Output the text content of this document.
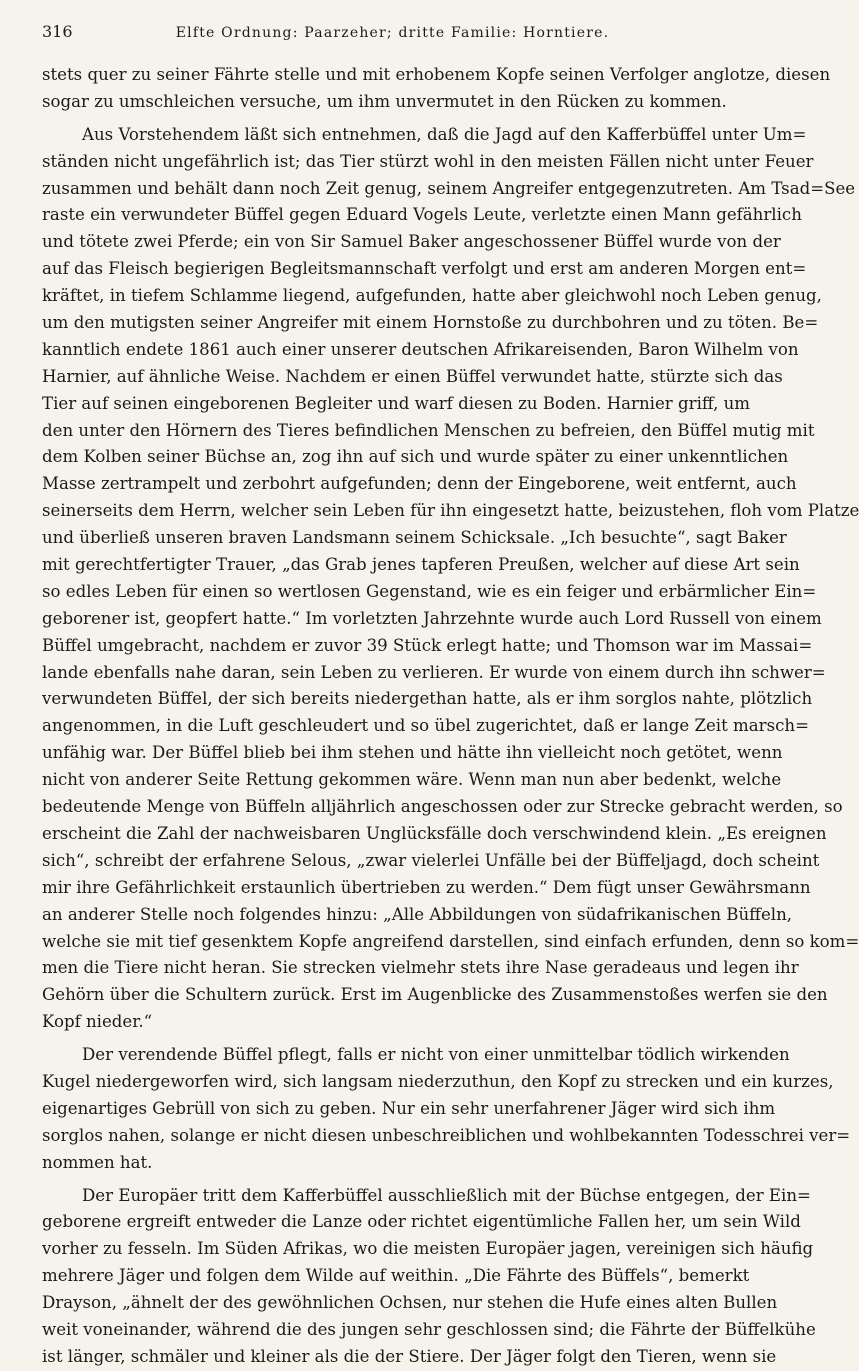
316	Elfte Ordnung: Paarzeher; dritte Familie: Horntiere.
stets quer zu seiner Fährte stelle und mit erhobenem Kopfe seinen Verfolger anglotze, diesen
sogar zu umschleichen versuche, um ihm unvermutet in den Rücken zu kommen.
Aus Vorstehendem läßt sich entnehmen, daß die Jagd auf den Kafferbüffel unter Um=
ständen nicht ungefährlich ist; das Tier stürzt wohl in den meisten Fällen nicht unter Feuer
zusammen und behält dann noch Zeit genug, seinem Angreifer entgegenzutreten. Am Tsad=See
raste ein verwundeter Büffel gegen Eduard Vogels Leute, verletzte einen Mann gefährlich
und tötete zwei Pferde; ein von Sir Samuel Baker angeschossener Büffel wurde von der
auf das Fleisch begierigen Begleitsmannschaft verfolgt und erst am anderen Morgen ent=
kräftet, in tiefem Schlamme liegend, aufgefunden, hatte aber gleichwohl noch Leben genug,
um den mutigsten seiner Angreifer mit einem Hornstoße zu durchbohren und zu töten. Be=
kanntlich endete 1861 auch einer unserer deutschen Afrikareisenden, Baron Wilhelm von
Harnier, auf ähnliche Weise. Nachdem er einen Büffel verwundet hatte, stürzte sich das
Tier auf seinen eingeborenen Begleiter und warf diesen zu Boden. Harnier griff, um
den unter den Hörnern des Tieres befindlichen Menschen zu befreien, den Büffel mutig mit
dem Kolben seiner Büchse an, zog ihn auf sich und wurde später zu einer unkenntlichen
Masse zertrampelt und zerbohrt aufgefunden; denn der Eingeborene, weit entfernt, auch
seinerseits dem Herrn, welcher sein Leben für ihn eingesetzt hatte, beizustehen, floh vom Platze
und überließ unseren braven Landsmann seinem Schicksale. „Ich besuchte“, sagt Baker
mit gerechtfertigter Trauer, „das Grab jenes tapferen Preußen, welcher auf diese Art sein
so edles Leben für einen so wertlosen Gegenstand, wie es ein feiger und erbärmlicher Ein=
geborener ist, geopfert hatte.“ Im vorletzten Jahrzehnte wurde auch Lord Russell von einem
Büffel umgebracht, nachdem er zuvor 39 Stück erlegt hatte; und Thomson war im Massai=
lande ebenfalls nahe daran, sein Leben zu verlieren. Er wurde von einem durch ihn schwer=
verwundeten Büffel, der sich bereits niedergethan hatte, als er ihm sorglos nahte, plötzlich
angenommen, in die Luft geschleudert und so übel zugerichtet, daß er lange Zeit marsch=
unfähig war. Der Büffel blieb bei ihm stehen und hätte ihn vielleicht noch getötet, wenn
nicht von anderer Seite Rettung gekommen wäre. Wenn man nun aber bedenkt, welche
bedeutende Menge von Büffeln alljährlich angeschossen oder zur Strecke gebracht werden, so
erscheint die Zahl der nachweisbaren Unglücksfälle doch verschwindend klein. „Es ereignen
sich“, schreibt der erfahrene Selous, „zwar vielerlei Unfälle bei der Büffeljagd, doch scheint
mir ihre Gefährlichkeit erstaunlich übertrieben zu werden.“ Dem fügt unser Gewährsmann
an anderer Stelle noch folgendes hinzu: „Alle Abbildungen von südafrikanischen Büffeln,
welche sie mit tief gesenktem Kopfe angreifend darstellen, sind einfach erfunden, denn so kom=
men die Tiere nicht heran. Sie strecken vielmehr stets ihre Nase geradeaus und legen ihr
Gehörn über die Schultern zurück. Erst im Augenblicke des Zusammenstoßes werfen sie den
Kopf nieder.“
Der verendende Büffel pflegt, falls er nicht von einer unmittelbar tödlich wirkenden
Kugel niedergeworfen wird, sich langsam niederzuthun, den Kopf zu strecken und ein kurzes,
eigenartiges Gebrüll von sich zu geben. Nur ein sehr unerfahrener Jäger wird sich ihm
sorglos nahen, solange er nicht diesen unbeschreiblichen und wohlbekannten Todesschrei ver=
nommen hat.
Der Europäer tritt dem Kafferbüffel ausschließlich mit der Büchse entgegen, der Ein=
geborene ergreift entweder die Lanze oder richtet eigentümliche Fallen her, um sein Wild
vorher zu fesseln. Im Süden Afrikas, wo die meisten Europäer jagen, vereinigen sich häufig
mehrere Jäger und folgen dem Wilde auf weithin. „Die Fährte des Büffels“, bemerkt
Drayson, „ähnelt der des gewöhnlichen Ochsen, nur stehen die Hufe eines alten Bullen
weit voneinander, während die des jungen sehr geschlossen sind; die Fährte der Büffelkühe
ist länger, schmäler und kleiner als die der Stiere. Der Jäger folgt den Tieren, wenn sie
